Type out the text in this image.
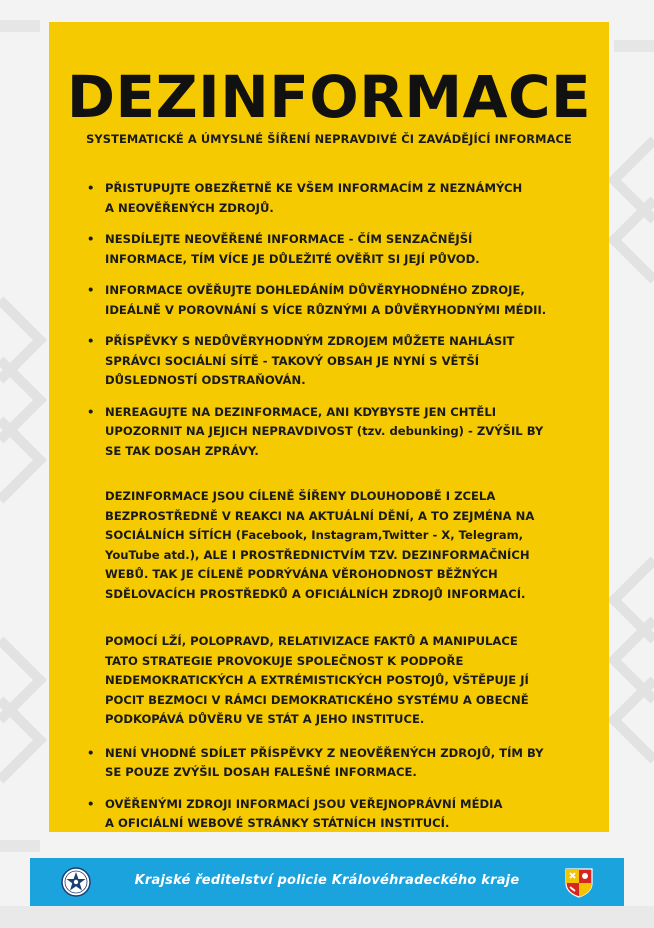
DEZINFORMACE
SYSTEMATICKÉ A ÚMYSLNÉ ŠÍŘENÍ NEPRAVDIVÉ ČI ZAVÁDĚJÍCÍ INFORMACE
• PŘISTUPUJTE OBEZŘETNĚ KE VŠEM INFORMACÍM Z NEZNÁMÝCH
A NEOVĚŘENÝCH ZDROJŮ.
• NESDÍLEJTE NEOVĚŘENÉ INFORMACE - ČÍM SENZAČNĚJŠÍ
INFORMACE, TÍM VÍCE JE DŮLEŽITÉ OVĚŘIT SI JEJÍ PŮVOD.
• INFORMACE OVĚŘUJTE DOHLEDÁNÍM DŮVĚRYHODNÉHO ZDROJE,
IDEÁLNĚ V POROVNÁNÍ S VÍCE RŮZNÝMI A DŮVĚRYHODNÝMI MÉDII.
• PŘÍSPĚVKY S NEDŮVĚRYHODNÝM ZDROJEM MŮŽETE NAHLÁSIT
SPRÁVCI SOCIÁLNÍ SÍTĚ - TAKOVÝ OBSAH JE NYNÍ S VĚTŠÍ
DŮSLEDNOSTÍ ODSTRAŇOVÁN.
• NEREAGUJTE NA DEZINFORMACE, ANI KDYBYSTE JEN CHTĚLI
UPOZORNIT NA JEJICH NEPRAVDIVOST (tzv. debunking) - ZVÝŠIL BY
SE TAK DOSAH ZPRÁVY.
DEZINFORMACE JSOU CÍLENĚ ŠÍŘENY DLOUHODOBĚ I ZCELA
BEZPROSTŘEDNĚ V REAKCI NA AKTUÁLNÍ DĚNÍ, A TO ZEJMÉNA NA
SOCIÁLNÍCH SÍTÍCH (Facebook, Instagram,Twitter - X, Telegram,
YouTube atd.), ALE I PROSTŘEDNICTVÍM TZV. DEZINFORMAČNÍCH
WEBŮ. TAK JE CÍLENĚ PODRÝVÁNA VĚROHODNOST BĚŽNÝCH
SDĚLOVACÍCH PROSTŘEDKŮ A OFICIÁLNÍCH ZDROJŮ INFORMACÍ.
POMOCÍ LŽÍ, POLOPRAVD, RELATIVIZACE FAKTŮ A MANIPULACE
TATO STRATEGIE PROVOKUJE SPOLEČNOST K PODPOŘE
NEDEMOKRATICKÝCH A EXTRÉMISTICKÝCH POSTOJŮ, VŠTĚPUJE JÍ
POCIT BEZMOCI V RÁMCI DEMOKRATICKÉHO SYSTÉMU A OBECNĚ
PODKOPÁVÁ DŮVĚRU VE STÁT A JEHO INSTITUCE.
• NENÍ VHODNÉ SDÍLET PŘÍSPĚVKY Z NEOVĚŘENÝCH ZDROJŮ, TÍM BY
SE POUZE ZVÝŠIL DOSAH FALEŠNÉ INFORMACE.
• OVĚŘENÝMI ZDROJI INFORMACÍ JSOU VEŘEJNOPRÁVNÍ MÉDIA
A OFICIÁLNÍ WEBOVÉ STRÁNKY STÁTNÍCH INSTITUCÍ.
Krajské ředitelství policie Královéhradeckého kraje
